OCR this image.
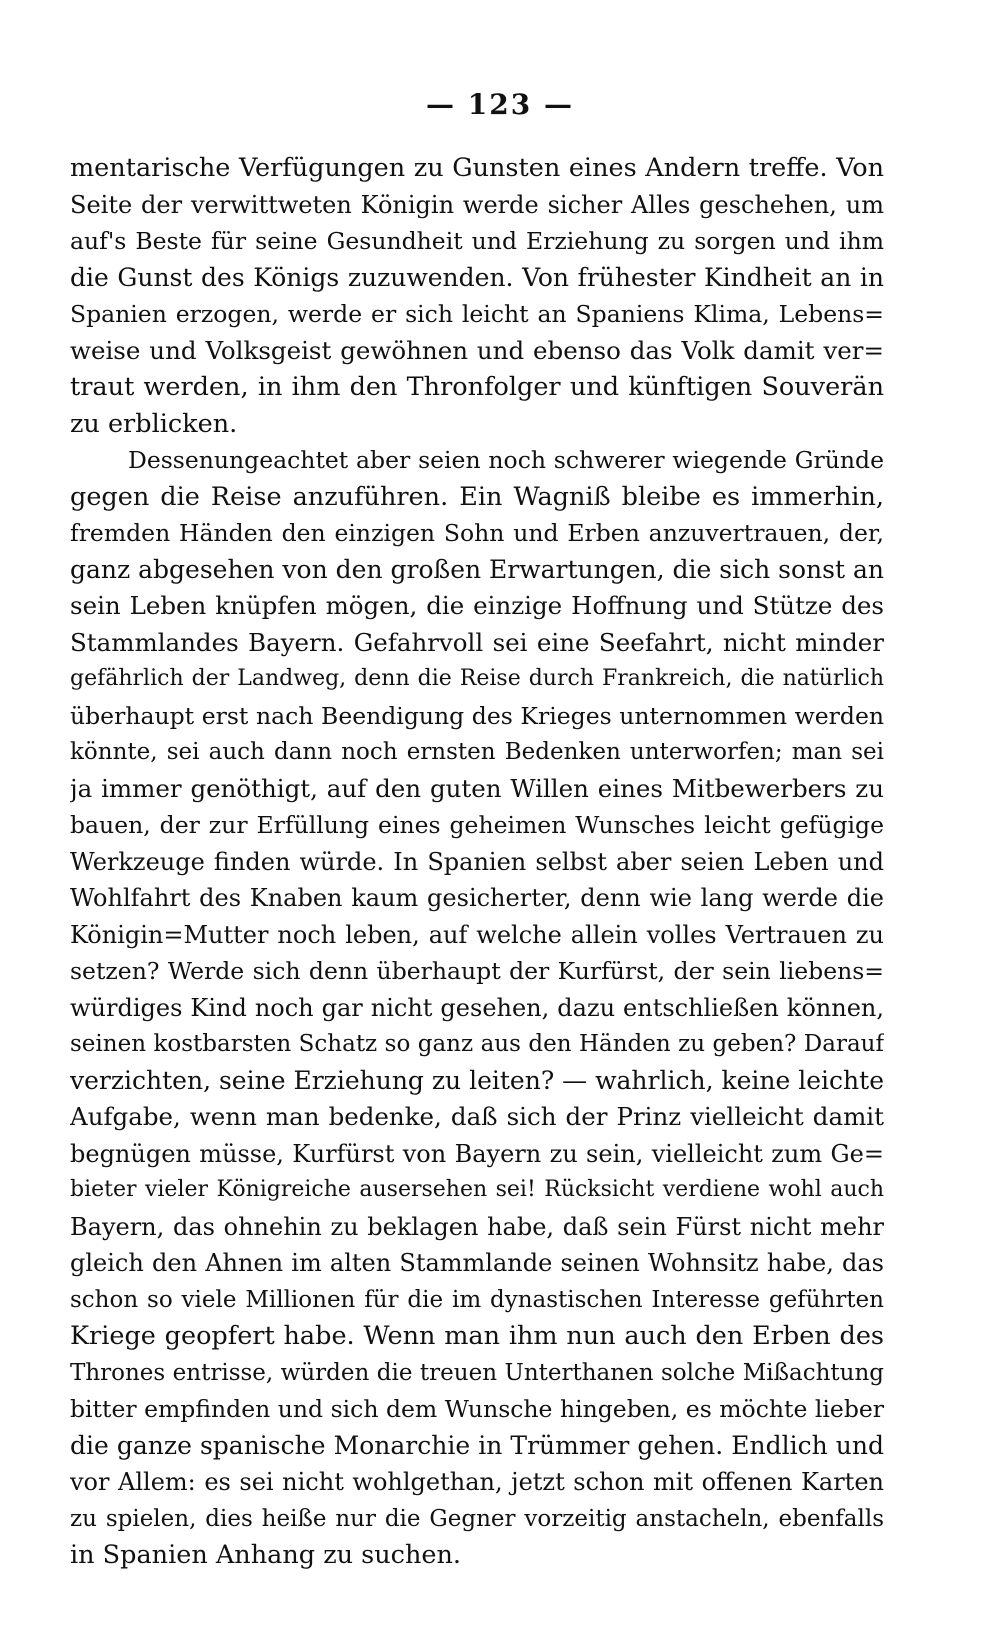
— 123 —
mentarische Verfügungen zu Gunsten eines Andern treffe. Von
Seite der verwittweten Königin werde sicher Alles geschehen, um
auf's Beste für seine Gesundheit und Erziehung zu sorgen und ihm
die Gunst des Königs zuzuwenden. Von frühester Kindheit an in
Spanien erzogen, werde er sich leicht an Spaniens Klima, Lebens=
weise und Volksgeist gewöhnen und ebenso das Volk damit ver=
traut werden, in ihm den Thronfolger und künftigen Souverän
zu erblicken.
Dessenungeachtet aber seien noch schwerer wiegende Gründe
gegen die Reise anzuführen. Ein Wagniß bleibe es immerhin,
fremden Händen den einzigen Sohn und Erben anzuvertrauen, der,
ganz abgesehen von den großen Erwartungen, die sich sonst an
sein Leben knüpfen mögen, die einzige Hoffnung und Stütze des
Stammlandes Bayern. Gefahrvoll sei eine Seefahrt, nicht minder
gefährlich der Landweg, denn die Reise durch Frankreich, die natürlich
überhaupt erst nach Beendigung des Krieges unternommen werden
könnte, sei auch dann noch ernsten Bedenken unterworfen; man sei
ja immer genöthigt, auf den guten Willen eines Mitbewerbers zu
bauen, der zur Erfüllung eines geheimen Wunsches leicht gefügige
Werkzeuge finden würde. In Spanien selbst aber seien Leben und
Wohlfahrt des Knaben kaum gesicherter, denn wie lang werde die
Königin=Mutter noch leben, auf welche allein volles Vertrauen zu
setzen? Werde sich denn überhaupt der Kurfürst, der sein liebens=
würdiges Kind noch gar nicht gesehen, dazu entschließen können,
seinen kostbarsten Schatz so ganz aus den Händen zu geben? Darauf
verzichten, seine Erziehung zu leiten? — wahrlich, keine leichte
Aufgabe, wenn man bedenke, daß sich der Prinz vielleicht damit
begnügen müsse, Kurfürst von Bayern zu sein, vielleicht zum Ge=
bieter vieler Königreiche ausersehen sei! Rücksicht verdiene wohl auch
Bayern, das ohnehin zu beklagen habe, daß sein Fürst nicht mehr
gleich den Ahnen im alten Stammlande seinen Wohnsitz habe, das
schon so viele Millionen für die im dynastischen Interesse geführten
Kriege geopfert habe. Wenn man ihm nun auch den Erben des
Thrones entrisse, würden die treuen Unterthanen solche Mißachtung
bitter empfinden und sich dem Wunsche hingeben, es möchte lieber
die ganze spanische Monarchie in Trümmer gehen. Endlich und
vor Allem: es sei nicht wohlgethan, jetzt schon mit offenen Karten
zu spielen, dies heiße nur die Gegner vorzeitig anstacheln, ebenfalls
in Spanien Anhang zu suchen.
